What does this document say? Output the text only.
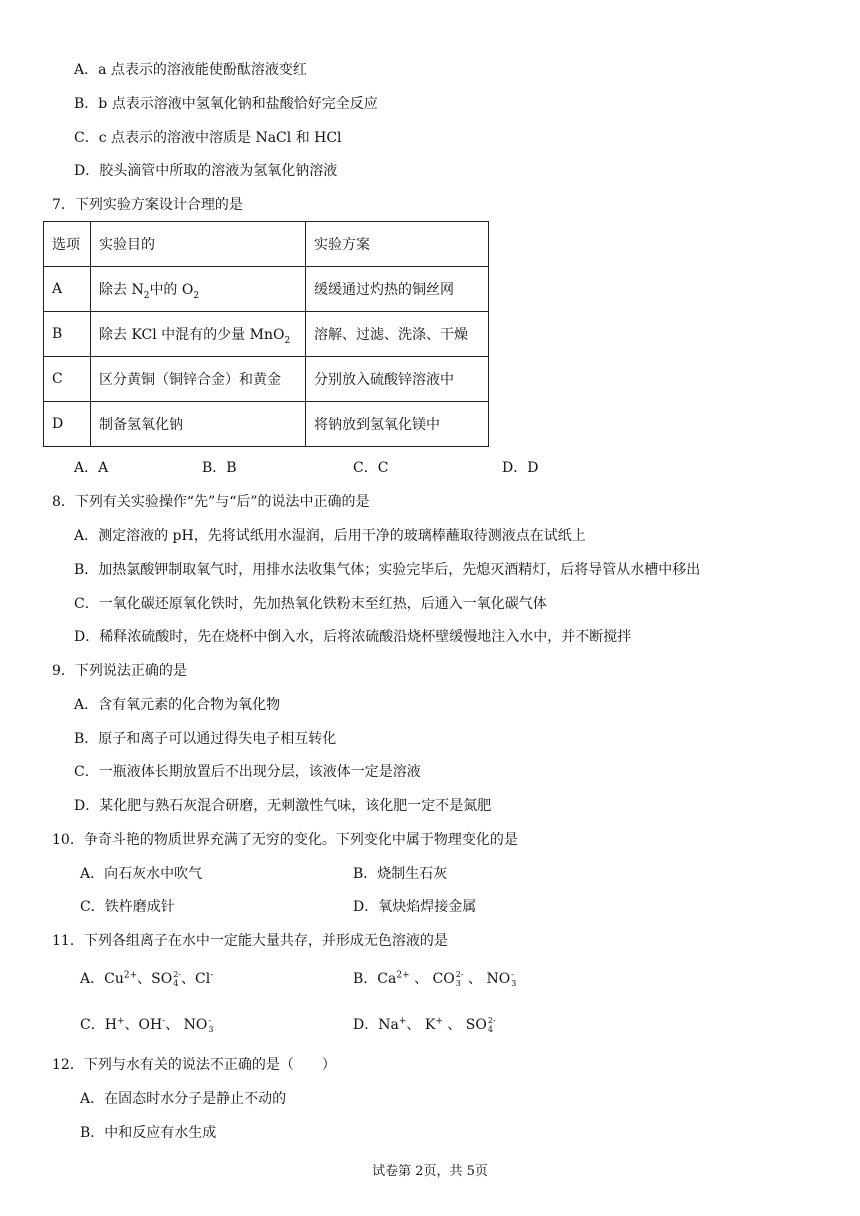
A．a 点表示的溶液能使酚酞溶液变红
B．b 点表示溶液中氢氧化钠和盐酸恰好完全反应
C．c 点表示的溶液中溶质是 NaCl 和 HCl
D．胶头滴管中所取的溶液为氢氧化钠溶液
7．下列实验方案设计合理的是
选项	实验目的	实验方案
A	除去 $N_2$中的 $O_2$	缓缓通过灼热的铜丝网
B	除去 KCl 中混有的少量 MnO$_2$	溶解、过滤、洗涤、干燥
C	区分黄铜（铜锌合金）和黄金	分别放入硫酸锌溶液中
D	制备氢氧化钠	将钠放到氢氧化镁中
A．A	B．B	C．C	D．D
8．下列有关实验操作“先”与“后”的说法中正确的是
A．测定溶液的 pH，先将试纸用水湿润，后用干净的玻璃棒蘸取待测液点在试纸上
B．加热氯酸钾制取氧气时，用排水法收集气体；实验完毕后，先熄灭酒精灯，后将导管从水槽中移出
C．一氧化碳还原氧化铁时，先加热氧化铁粉末至红热，后通入一氧化碳气体
D．稀释浓硫酸时，先在烧杯中倒入水，后将浓硫酸沿烧杯壁缓慢地注入水中，并不断搅拌
9．下列说法正确的是
A．含有氧元素的化合物为氧化物
B．原子和离子可以通过得失电子相互转化
C．一瓶液体长期放置后不出现分层，该液体一定是溶液
D．某化肥与熟石灰混合研磨，无刺激性气味，该化肥一定不是氮肥
10．争奇斗艳的物质世界充满了无穷的变化。下列变化中属于物理变化的是
A．向石灰水中吹气	B．烧制生石灰
C．铁杵磨成针	D．氧炔焰焊接金属
11．下列各组离子在水中一定能大量共存，并形成无色溶液的是
A．$Cu^{2+}$、SO 2-
4 、Cl-	B．$Ca^{2+}$ 、 CO 2-
3 、 NO -
3
C．H+、OH-、 NO -
3	D．Na+、 K+ 、 SO 2-
4
12．下列与水有关的说法不正确的是（　　）
A．在固态时水分子是静止不动的
B．中和反应有水生成
试卷第 2页，共 5页
